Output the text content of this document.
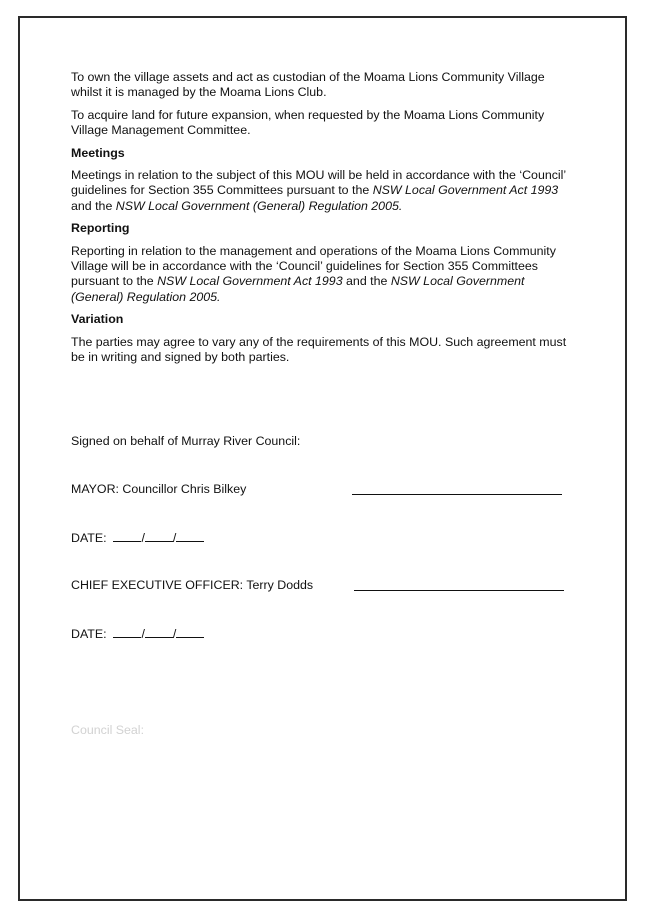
To own the village assets and act as custodian of the Moama Lions Community Village whilst it is managed by the Moama Lions Club.

To acquire land for future expansion, when requested by the Moama Lions Community Village Management Committee.

Meetings

Meetings in relation to the subject of this MOU will be held in accordance with the ‘Council’ guidelines for Section 355 Committees pursuant to the NSW Local Government Act 1993 and the NSW Local Government (General) Regulation 2005.

Reporting

Reporting in relation to the management and operations of the Moama Lions Community Village will be in accordance with the ‘Council’ guidelines for Section 355 Committees pursuant to the NSW Local Government Act 1993 and the NSW Local Government (General) Regulation 2005.

Variation

The parties may agree to vary any of the requirements of this MOU. Such agreement must be in writing and signed by both parties.

Signed on behalf of Murray River Council:
MAYOR: Councillor Chris Bilkey
DATE:	/ /
CHIEF EXECUTIVE OFFICER: Terry Dodds
DATE:	/ /
Council Seal:
